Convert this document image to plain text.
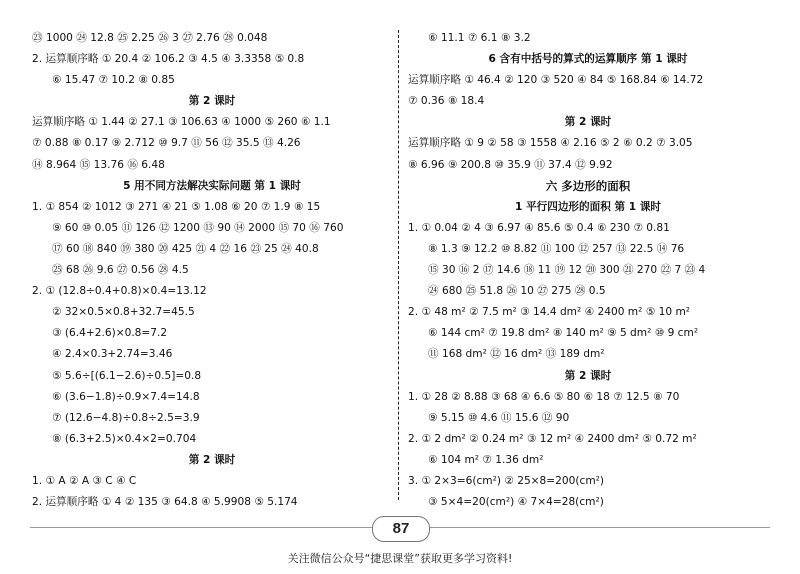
㉓ 1000 ㉔ 12.8 ㉕ 2.25 ㉖ 3 ㉗ 2.76 ㉘ 0.048
2. 运算顺序略 ① 20.4 ② 106.2 ③ 4.5 ④ 3.3358 ⑤ 0.8
⑥ 15.47 ⑦ 10.2 ⑧ 0.85
第 2 课时
运算顺序略 ① 1.44 ② 27.1 ③ 106.63 ④ 1000 ⑤ 260 ⑥ 1.1
⑦ 0.88 ⑧ 0.17 ⑨ 2.712 ⑩ 9.7 ⑪ 56 ⑫ 35.5 ⑬ 4.26
⑭ 8.964 ⑮ 13.76 ⑯ 6.48
5 用不同方法解决实际问题 第 1 课时
1. ① 854 ② 1012 ③ 271 ④ 21 ⑤ 1.08 ⑥ 20 ⑦ 1.9 ⑧ 15
⑨ 60 ⑩ 0.05 ⑪ 126 ⑫ 1200 ⑬ 90 ⑭ 2000 ⑮ 70 ⑯ 760
⑰ 60 ⑱ 840 ⑲ 380 ⑳ 425 ㉑ 4 ㉒ 16 ㉓ 25 ㉔ 40.8
㉕ 68 ㉖ 9.6 ㉗ 0.56 ㉘ 4.5
2. ① (12.8÷0.4+0.8)×0.4=13.12
② 32×0.5×0.8+32.7=45.5
③ (6.4+2.6)×0.8=7.2
④ 2.4×0.3+2.74=3.46
⑤ 5.6÷[(6.1−2.6)÷0.5]=0.8
⑥ (3.6−1.8)÷0.9×7.4=14.8
⑦ (12.6−4.8)÷0.8÷2.5=3.9
⑧ (6.3+2.5)×0.4×2=0.704
第 2 课时
1. ① A ② A ③ C ④ C
2. 运算顺序略 ① 4 ② 135 ③ 64.8 ④ 5.9908 ⑤ 5.174
⑥ 11.1 ⑦ 6.1 ⑧ 3.2
6 含有中括号的算式的运算顺序 第 1 课时
运算顺序略 ① 46.4 ② 120 ③ 520 ④ 84 ⑤ 168.84 ⑥ 14.72
⑦ 0.36 ⑧ 18.4
第 2 课时
运算顺序略 ① 9 ② 58 ③ 1558 ④ 2.16 ⑤ 2 ⑥ 0.2 ⑦ 3.05
⑧ 6.96 ⑨ 200.8 ⑩ 35.9 ⑪ 37.4 ⑫ 9.92
六 多边形的面积
1 平行四边形的面积 第 1 课时
1. ① 0.04 ② 4 ③ 6.97 ④ 85.6 ⑤ 0.4 ⑥ 230 ⑦ 0.81
⑧ 1.3 ⑨ 12.2 ⑩ 8.82 ⑪ 100 ⑫ 257 ⑬ 22.5 ⑭ 76
⑮ 30 ⑯ 2 ⑰ 14.6 ⑱ 11 ⑲ 12 ⑳ 300 ㉑ 270 ㉒ 7 ㉓ 4
㉔ 680 ㉕ 51.8 ㉖ 10 ㉗ 275 ㉘ 0.5
2. ① 48 m² ② 7.5 m² ③ 14.4 dm² ④ 2400 m² ⑤ 10 m²
⑥ 144 cm² ⑦ 19.8 dm² ⑧ 140 m² ⑨ 5 dm² ⑩ 9 cm²
⑪ 168 dm² ⑫ 16 dm² ⑬ 189 dm²
第 2 课时
1. ① 28 ② 8.88 ③ 68 ④ 6.6 ⑤ 80 ⑥ 18 ⑦ 12.5 ⑧ 70
⑨ 5.15 ⑩ 4.6 ⑪ 15.6 ⑫ 90
2. ① 2 dm² ② 0.24 m² ③ 12 m² ④ 2400 dm² ⑤ 0.72 m²
⑥ 104 m² ⑦ 1.36 dm²
3. ① 2×3=6(cm²) ② 25×8=200(cm²)
③ 5×4=20(cm²) ④ 7×4=28(cm²)
87
关注微信公众号“捷思课堂”获取更多学习资料!
